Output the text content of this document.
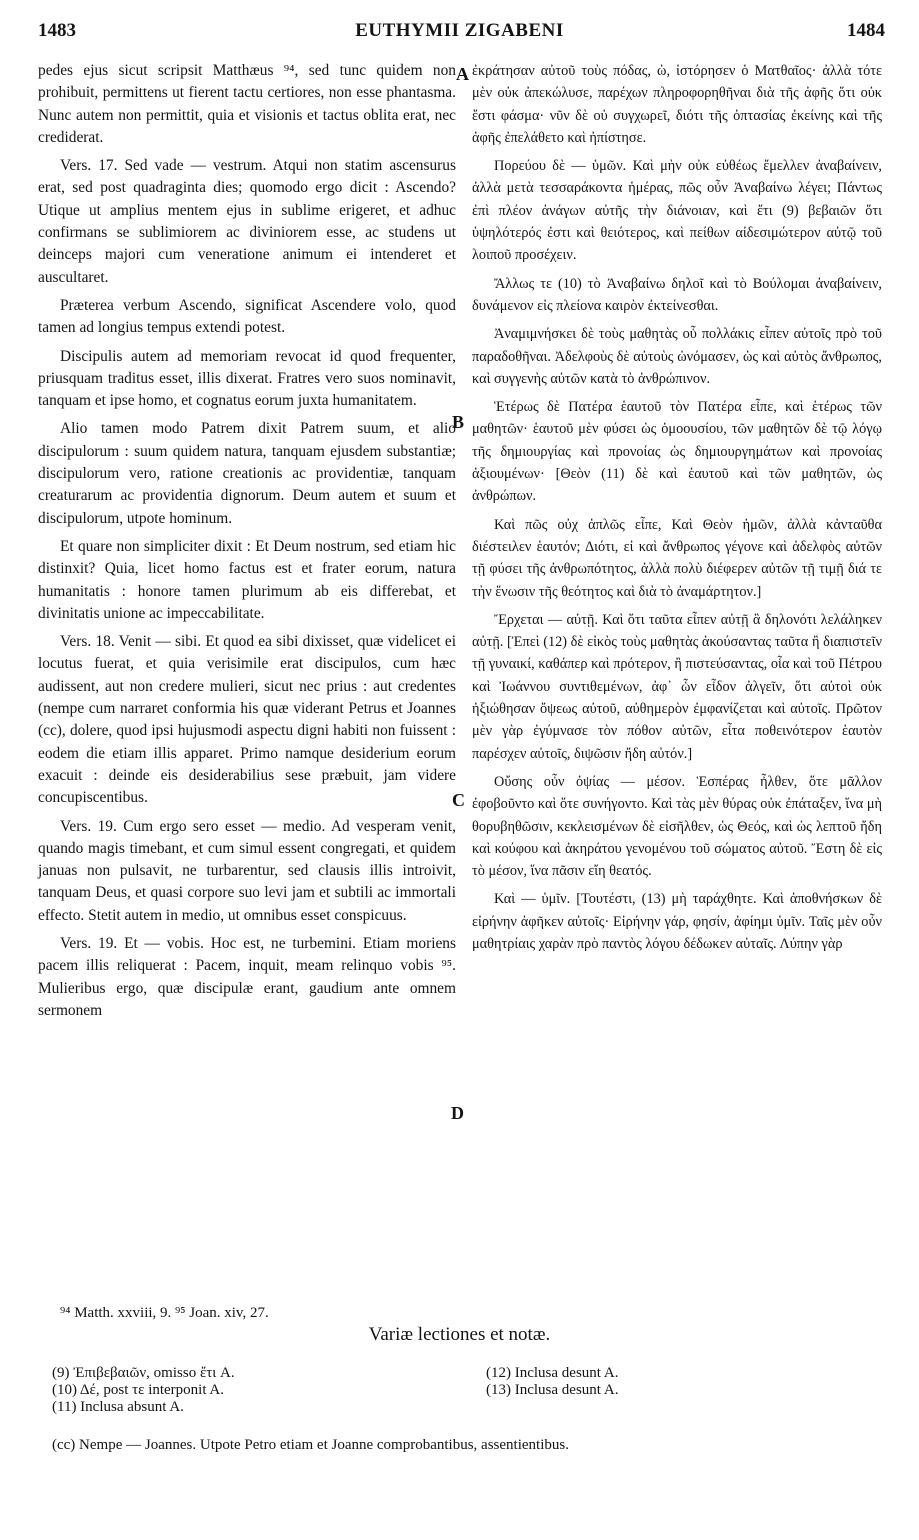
1483	EUTHYMII ZIGABENI	1484

pedes ejus sicut scripsit Matthæus ⁹⁴, sed tunc quidem non prohibuit, permittens ut fierent tactu certiores, non esse phantasma. Nunc autem non permittit, quia et visionis et tactus oblita erat, nec crediderat.

Vers. 17. Sed vade — vestrum. Atqui non statim ascensurus erat, sed post quadraginta dies; quomodo ergo dicit : Ascendo? Utique ut amplius mentem ejus in sublime erigeret, et adhuc confirmans se sublimiorem ac diviniorem esse, ac studens ut deinceps majori cum veneratione animum ei intenderet et auscultaret.

Præterea verbum Ascendo, significat Ascendere volo, quod tamen ad longius tempus extendi potest.

Discipulis autem ad memoriam revocat id quod frequenter, priusquam traditus esset, illis dixerat. Fratres vero suos nominavit, tanquam et ipse homo, et cognatus eorum juxta humanitatem.

Alio tamen modo Patrem dixit Patrem suum, et alio discipulorum : suum quidem natura, tanquam ejusdem substantiæ; discipulorum vero, ratione creationis ac providentiæ, tanquam creaturarum ac providentia dignorum. Deum autem et suum et discipulorum, utpote hominum.

Et quare non simpliciter dixit : Et Deum nostrum, sed etiam hic distinxit? Quia, licet homo factus est et frater eorum, natura humanitatis : honore tamen plurimum ab eis differebat, et divinitatis unione ac impeccabilitate.

Vers. 18. Venit — sibi. Et quod ea sibi dixisset, quæ videlicet ei locutus fuerat, et quia verisimile erat discipulos, cum hæc audissent, aut non credere mulieri, sicut nec prius : aut credentes (nempe cum narraret conformia his quæ viderant Petrus et Joannes (cc), dolere, quod ipsi hujusmodi aspectu digni habiti non fuissent : eodem die etiam illis apparet. Primo namque desiderium eorum exacuit : deinde eis desiderabilius sese præbuit, jam videre concupiscentibus.

Vers. 19. Cum ergo sero esset — medio. Ad vesperam venit, quando magis timebant, et cum simul essent congregati, et quidem januas non pulsavit, ne turbarentur, sed clausis illis introivit, tanquam Deus, et quasi corpore suo levi jam et subtili ac immortali effecto. Stetit autem in medio, ut omnibus esset conspicuus.

Vers. 19. Et — vobis. Hoc est, ne turbemini. Etiam moriens pacem illis reliquerat : Pacem, inquit, meam relinquo vobis ⁹⁵. Mulieribus ergo, quæ discipulæ erant, gaudium ante omnem sermonem

ἐκράτησαν αὐτοῦ τοὺς πόδας, ὡ, ἱστόρησεν ὁ Ματθαῖος· ἀλλὰ τότε μὲν οὐκ ἀπεκώλυσε, παρέχων πληροφορηθῆναι διὰ τῆς ἀφῆς ὅτι οὐκ ἔστι φάσμα· νῦν δὲ οὐ συγχωρεῖ, διότι τῆς ὀπτασίας ἐκείνης καὶ τῆς ἀφῆς ἐπελάθετο καὶ ἠπίστησε.

Πορεύου δὲ — ὑμῶν. Καὶ μὴν οὐκ εὐθέως ἔμελλεν ἀναβαίνειν, ἀλλὰ μετὰ τεσσαράκοντα ἡμέρας, πῶς οὖν Ἀναβαίνω λέγει; Πάντως ἐπὶ πλέον ἀνάγων αὐτῆς τὴν διάνοιαν, καὶ ἔτι (9) βεβαιῶν ὅτι ὑψηλότερός ἐστι καὶ θειότερος, καὶ πείθων αἰδεσιμώτερον αὐτῷ τοῦ λοιποῦ προσέχειν.

Ἄλλως τε (10) τὸ Ἀναβαίνω δηλοῖ καὶ τὸ Βούλομαι ἀναβαίνειν, δυνάμενον εἰς πλείονα καιρὸν ἐκτείνεσθαι.

Ἀναμιμνήσκει δὲ τοὺς μαθητὰς οὗ πολλάκις εἶπεν αὐτοῖς πρὸ τοῦ παραδοθῆναι. Ἀδελφοὺς δὲ αὐτοὺς ὠνόμασεν, ὡς καὶ αὐτὸς ἄνθρωπος, καὶ συγγενὴς αὐτῶν κατὰ τὸ ἀνθρώπινον.

Ἑτέρως δὲ Πατέρα ἑαυτοῦ τὸν Πατέρα εἶπε, καὶ ἑτέρως τῶν μαθητῶν· ἑαυτοῦ μὲν φύσει ὡς ὁμοουσίου, τῶν μαθητῶν δὲ τῷ λόγῳ τῆς δημιουργίας καὶ προνοίας ὡς δημιουργημάτων καὶ προνοίας ἀξιουμένων· [Θεὸν (11) δὲ καὶ ἑαυτοῦ καὶ τῶν μαθητῶν, ὡς ἀνθρώπων.

Καὶ πῶς οὐχ ἁπλῶς εἶπε, Καὶ Θεὸν ἡμῶν, ἀλλὰ κἀνταῦθα διέστειλεν ἑαυτόν; Διότι, εἰ καὶ ἄνθρωπος γέγονε καὶ ἀδελφὸς αὐτῶν τῇ φύσει τῆς ἀνθρωπότητος, ἀλλὰ πολὺ διέφερεν αὐτῶν τῇ τιμῇ διά τε τὴν ἕνωσιν τῆς θεότητος καὶ διὰ τὸ ἀναμάρτητον.]

Ἔρχεται — αὐτῇ. Καὶ ὅτι ταῦτα εἶπεν αὐτῇ ἃ δηλονότι λελάληκεν αὐτῇ. [Ἐπεὶ (12) δὲ εἰκὸς τοὺς μαθητὰς ἀκούσαντας ταῦτα ἢ διαπιστεῖν τῇ γυναικί, καθάπερ καὶ πρότερον, ἢ πιστεύσαντας, οἷα καὶ τοῦ Πέτρου καὶ Ἰωάννου συντιθεμένων, ἀφ᾽ ὧν εἶδον ἀλγεῖν, ὅτι αὐτοὶ οὐκ ἠξιώθησαν ὄψεως αὐτοῦ, αὐθημερὸν ἐμφανίζεται καὶ αὐτοῖς. Πρῶτον μὲν γὰρ ἐγύμνασε τὸν πόθον αὐτῶν, εἶτα ποθεινότερον ἑαυτὸν παρέσχεν αὐτοῖς, διψῶσιν ἤδη αὐτόν.]

Οὔσης οὖν ὀψίας — μέσον. Ἑσπέρας ἦλθεν, ὅτε μᾶλλον ἐφοβοῦντο καὶ ὅτε συνήγοντο. Καὶ τὰς μὲν θύρας οὐκ ἐπάταξεν, ἵνα μὴ θορυβηθῶσιν, κεκλεισμένων δὲ εἰσῆλθεν, ὡς Θεός, καὶ ὡς λεπτοῦ ἤδη καὶ κούφου καὶ ἀκηράτου γενομένου τοῦ σώματος αὐτοῦ. Ἔστη δὲ εἰς τὸ μέσον, ἵνα πᾶσιν εἴη θεατός.

Καὶ — ὑμῖν. [Τουτέστι, (13) μὴ ταράχθητε. Καὶ ἀποθνήσκων δὲ εἰρήνην ἀφῆκεν αὐτοῖς· Εἰρήνην γάρ, φησίν, ἀφίημι ὑμῖν. Ταῖς μὲν οὖν μαθητρίαις χαρὰν πρὸ παντὸς λόγου δέδωκεν αὐταῖς. Λύπην γὰρ

A
B
C
D
⁹⁴ Matth. xxviii, 9. ⁹⁵ Joan. xiv, 27.
Variæ lectiones et notæ.
(9) Ἐπιβεβαιῶν, omisso ἔτι A.
(10) Δέ, post τε interponit A.
(11) Inclusa absunt A.
(12) Inclusa desunt A.
(13) Inclusa desunt A.
(cc) Nempe — Joannes. Utpote Petro etiam et Joanne comprobantibus, assentientibus.
